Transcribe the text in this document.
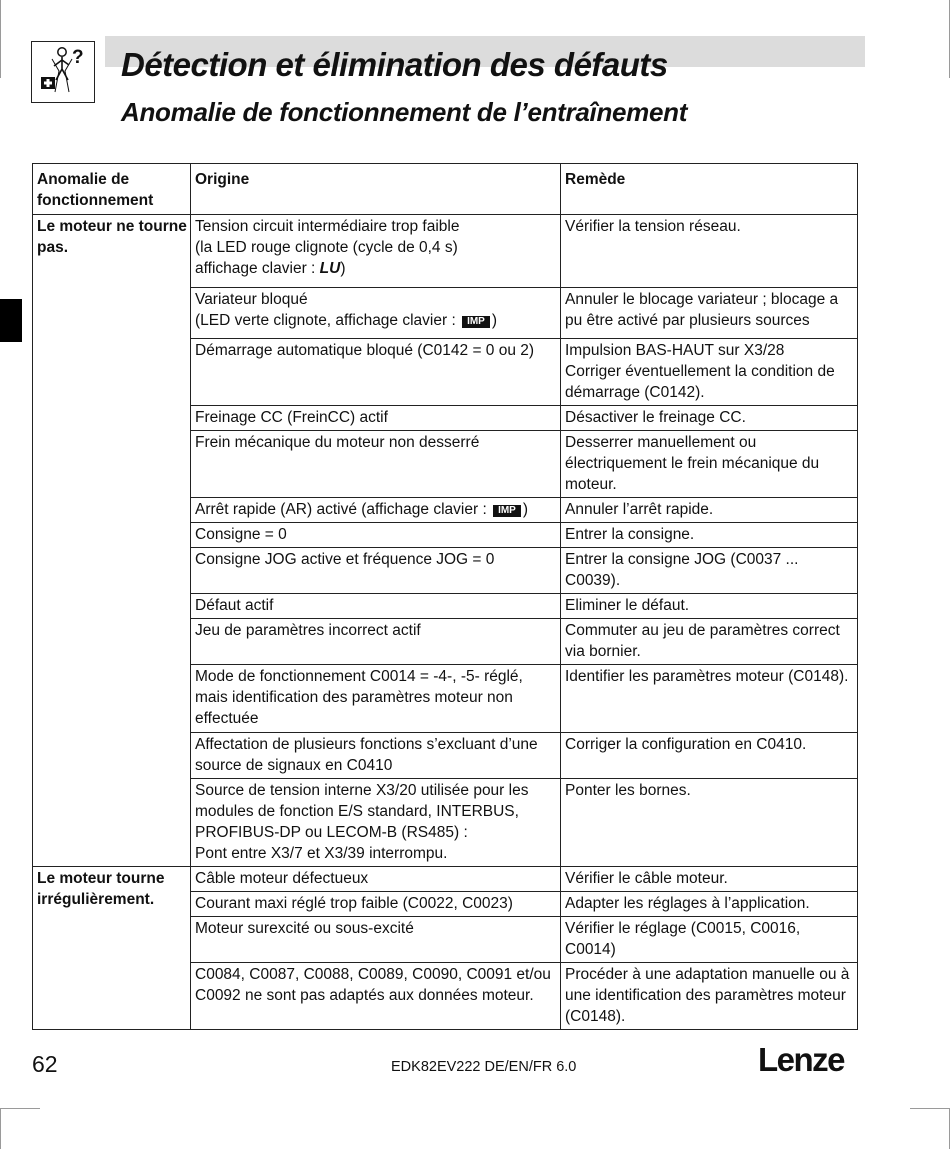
? Détection et élimination des défauts
Anomalie de fonctionnement de l’entraînement
Anomalie de fonctionnement	Origine	Remède
Le moteur ne tourne pas.	Tension circuit intermédiaire trop faible
(la LED rouge clignote (cycle de 0,4 s)
affichage clavier : LU)	Vérifier la tension réseau.

	Variateur bloqué
(LED verte clignote, affichage clavier : IMP )	Annuler le blocage variateur ; blocage a pu être activé par plusieurs sources
	Démarrage automatique bloqué (C0142 = 0 ou 2)	Impulsion BAS-HAUT sur X3/28
Corriger éventuellement la condition de démarrage (C0142).

	Freinage CC (FreinCC) actif	Désactiver le freinage CC.
	Frein mécanique du moteur non desserré	Desserrer manuellement ou électriquement le frein mécanique du moteur.
	Arrêt rapide (AR) activé (affichage clavier : IMP )	Annuler l’arrêt rapide.
	Consigne = 0	Entrer la consigne.
	Consigne JOG active et fréquence JOG = 0	Entrer la consigne JOG (C0037 ... C0039).
	Défaut actif	Eliminer le défaut.
	Jeu de paramètres incorrect actif	Commuter au jeu de paramètres correct via bornier.
	Mode de fonctionnement C0014 = -4-, -5- réglé, mais identification des paramètres moteur non effectuée	Identifier les paramètres moteur (C0148).
	Affectation de plusieurs fonctions s’excluant d’une source de signaux en C0410	Corriger la configuration en C0410.

	Source de tension interne X3/20 utilisée pour les modules de fonction E/S standard, INTERBUS, PROFIBUS-DP ou LECOM-B (RS485) :
Pont entre X3/7 et X3/39 interrompu.	Ponter les bornes.
Le moteur tourne irrégulièrement.	Câble moteur défectueux	Vérifier le câble moteur.
	Courant maxi réglé trop faible (C0022, C0023)	Adapter les réglages à l’application.
	Moteur surexcité ou sous-excité	Vérifier le réglage (C0015, C0016, C0014)
	C0084, C0087, C0088, C0089, C0090, C0091 et/ou C0092 ne sont pas adaptés aux données moteur.	Procéder à une adaptation manuelle ou à une identification des paramètres moteur (C0148).
62	EDK82EV222 DE/EN/FR 6.0	Lenze
